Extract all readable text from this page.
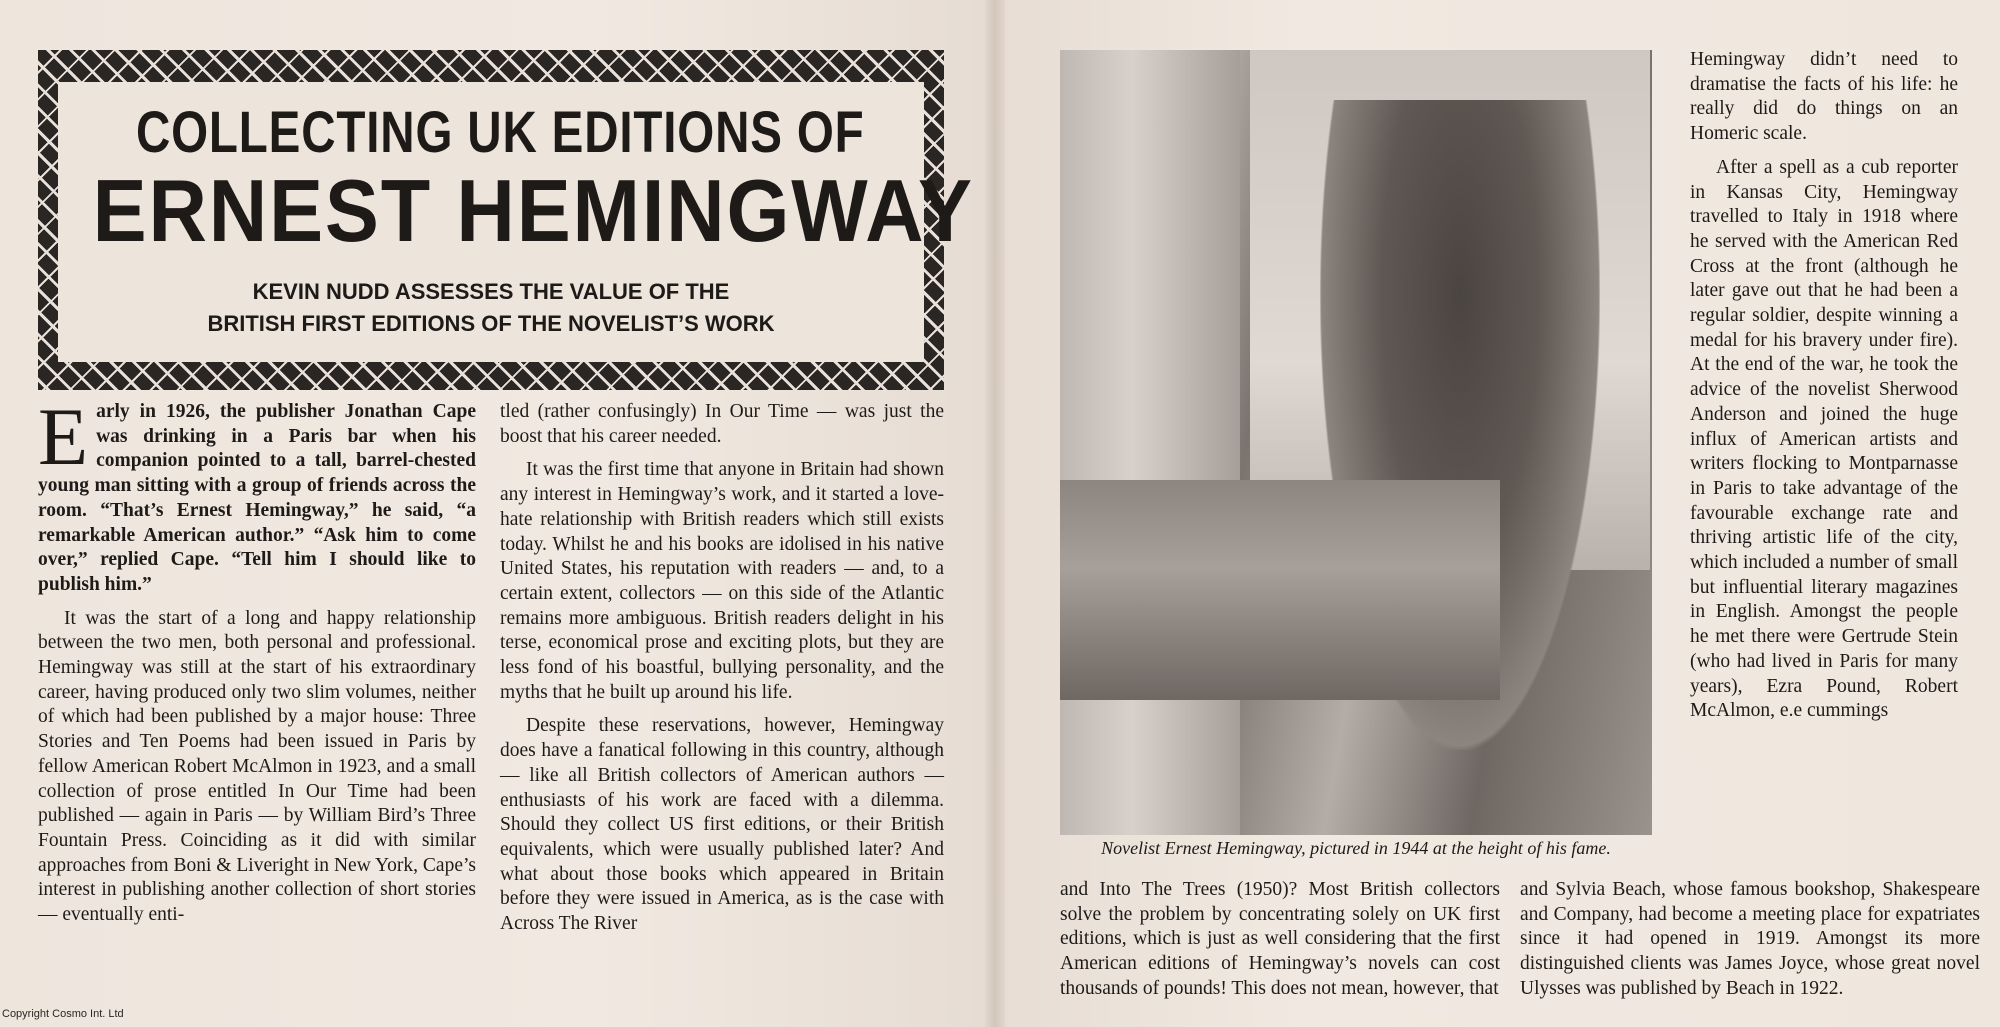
COLLECTING UK EDITIONS OF
ERNEST HEMINGWAY
KEVIN NUDD ASSESSES THE VALUE OF THE
BRITISH FIRST EDITIONS OF THE NOVELIST’S WORK

Early in 1926, the publisher Jonathan Cape was drinking in a Paris bar when his companion pointed to a tall, barrel-chested young man sitting with a group of friends across the room. “That’s Ernest Hemingway,” he said, “a remarkable American author.” “Ask him to come over,” replied Cape. “Tell him I should like to publish him.”

It was the start of a long and happy relationship between the two men, both personal and professional. Hemingway was still at the start of his extraordinary career, having produced only two slim volumes, neither of which had been published by a major house: Three Stories and Ten Poems had been issued in Paris by fellow American Robert McAlmon in 1923, and a small collection of prose entitled In Our Time had been published — again in Paris — by William Bird’s Three Fountain Press. Coinciding as it did with similar approaches from Boni & Liveright in New York, Cape’s interest in publishing another collection of short stories — eventually enti-

tled (rather confusingly) In Our Time — was just the boost that his career needed.

It was the first time that anyone in Britain had shown any interest in Hemingway’s work, and it started a love-hate relationship with British readers which still exists today. Whilst he and his books are idolised in his native United States, his reputation with readers — and, to a certain extent, collectors — on this side of the Atlantic remains more ambiguous. British readers delight in his terse, economical prose and exciting plots, but they are less fond of his boastful, bullying personality, and the myths that he built up around his life.

Despite these reservations, however, Hemingway does have a fanatical following in this country, although — like all British collectors of American authors — enthusiasts of his work are faced with a dilemma. Should they collect US first editions, or their British equivalents, which were usually published later? And what about those books which appeared in Britain before they were issued in America, as is the case with Across The River

Novelist Ernest Hemingway, pictured in 1944 at the height of his fame.

and Into The Trees (1950)? Most British collectors solve the problem by concentrating solely on UK first editions, which is just as well considering that the first American editions of Hemingway’s novels can cost thousands of pounds! This does not mean, however, that

and Sylvia Beach, whose famous bookshop, Shakespeare and Company, had become a meeting place for expatriates since it had opened in 1919. Amongst its more distinguished clients was James Joyce, whose great novel Ulysses was published by Beach in 1922.

Hemingway didn’t need to dramatise the facts of his life: he really did do things on an Homeric scale.

After a spell as a cub reporter in Kansas City, Hemingway travelled to Italy in 1918 where he served with the American Red Cross at the front (although he later gave out that he had been a regular soldier, despite winning a medal for his bravery under fire). At the end of the war, he took the advice of the novelist Sherwood Anderson and joined the huge influx of American artists and writers flocking to Montparnasse in Paris to take advantage of the favourable exchange rate and thriving artistic life of the city, which included a number of small but influential literary magazines in English. Amongst the people he met there were Gertrude Stein (who had lived in Paris for many years), Ezra Pound, Robert McAlmon, e.e cummings

Copyright Cosmo Int. Ltd
